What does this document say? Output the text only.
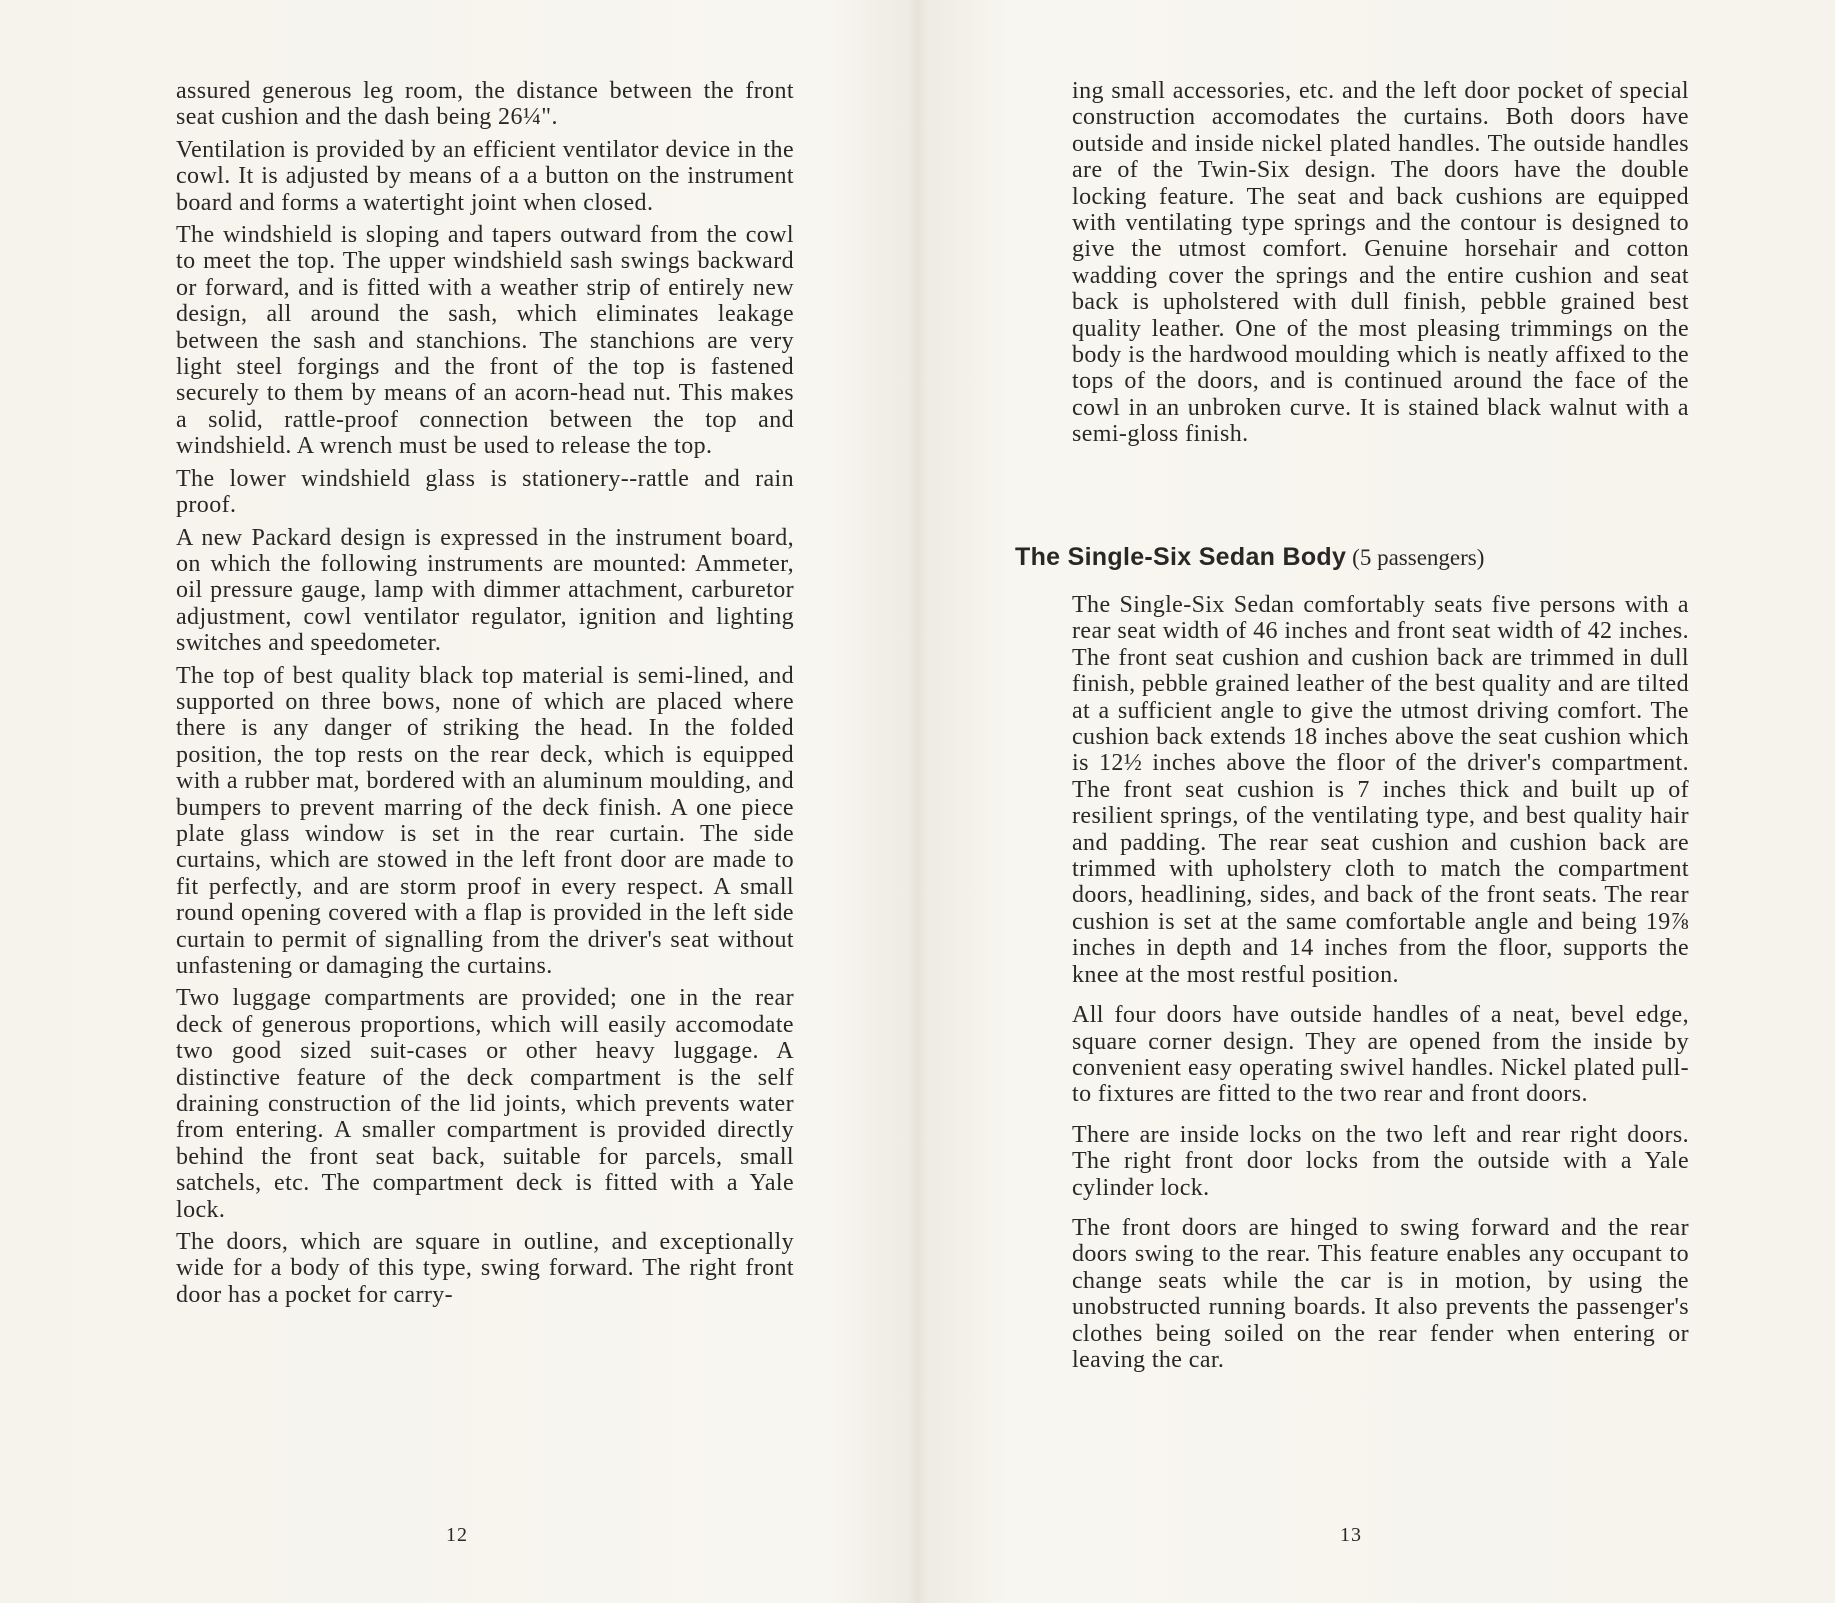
assured generous leg room, the distance between the front seat cushion and the dash being 26¼".

Ventilation is provided by an efficient ventilator device in the cowl. It is adjusted by means of a a button on the instrument board and forms a watertight joint when closed.

The windshield is sloping and tapers outward from the cowl to meet the top. The upper windshield sash swings backward or forward, and is fitted with a weather strip of entirely new design, all around the sash, which eliminates leakage between the sash and stanchions. The stanchions are very light steel forgings and the front of the top is fastened securely to them by means of an acorn-head nut. This makes a solid, rattle-proof connection between the top and windshield. A wrench must be used to release the top.

The lower windshield glass is stationery--rattle and rain proof.

A new Packard design is expressed in the instrument board, on which the following instruments are mounted: Ammeter, oil pressure gauge, lamp with dimmer attachment, carburetor adjustment, cowl ventilator regulator, ignition and lighting switches and speedometer.

The top of best quality black top material is semi-lined, and supported on three bows, none of which are placed where there is any danger of striking the head. In the folded position, the top rests on the rear deck, which is equipped with a rubber mat, bordered with an aluminum moulding, and bumpers to prevent marring of the deck finish. A one piece plate glass window is set in the rear curtain. The side curtains, which are stowed in the left front door are made to fit perfectly, and are storm proof in every respect. A small round opening covered with a flap is provided in the left side curtain to permit of signalling from the driver's seat without unfastening or damaging the curtains.

Two luggage compartments are provided; one in the rear deck of generous proportions, which will easily accomodate two good sized suit-cases or other heavy luggage. A distinctive feature of the deck compartment is the self draining construction of the lid joints, which prevents water from entering. A smaller compartment is provided directly behind the front seat back, suitable for parcels, small satchels, etc. The compartment deck is fitted with a Yale lock.

The doors, which are square in outline, and exceptionally wide for a body of this type, swing forward. The right front door has a pocket for carry-

12

ing small accessories, etc. and the left door pocket of special construction accomodates the curtains. Both doors have outside and inside nickel plated handles. The outside handles are of the Twin-Six design. The doors have the double locking feature. The seat and back cushions are equipped with ventilating type springs and the contour is designed to give the utmost comfort. Genuine horsehair and cotton wadding cover the springs and the entire cushion and seat back is upholstered with dull finish, pebble grained best quality leather. One of the most pleasing trimmings on the body is the hardwood moulding which is neatly affixed to the tops of the doors, and is continued around the face of the cowl in an unbroken curve. It is stained black walnut with a semi-gloss finish.

The Single-Six Sedan Body (5 passengers)

The Single-Six Sedan comfortably seats five persons with a rear seat width of 46 inches and front seat width of 42 inches. The front seat cushion and cushion back are trimmed in dull finish, pebble grained leather of the best quality and are tilted at a sufficient angle to give the utmost driving comfort. The cushion back extends 18 inches above the seat cushion which is 12½ inches above the floor of the driver's compartment. The front seat cushion is 7 inches thick and built up of resilient springs, of the ventilating type, and best quality hair and padding. The rear seat cushion and cushion back are trimmed with upholstery cloth to match the compartment doors, headlining, sides, and back of the front seats. The rear cushion is set at the same comfortable angle and being 19⅞ inches in depth and 14 inches from the floor, supports the knee at the most restful position.

All four doors have outside handles of a neat, bevel edge, square corner design. They are opened from the inside by convenient easy operating swivel handles. Nickel plated pull-to fixtures are fitted to the two rear and front doors.

There are inside locks on the two left and rear right doors. The right front door locks from the outside with a Yale cylinder lock.

The front doors are hinged to swing forward and the rear doors swing to the rear. This feature enables any occupant to change seats while the car is in motion, by using the unobstructed running boards. It also prevents the passenger's clothes being soiled on the rear fender when entering or leaving the car.

13
